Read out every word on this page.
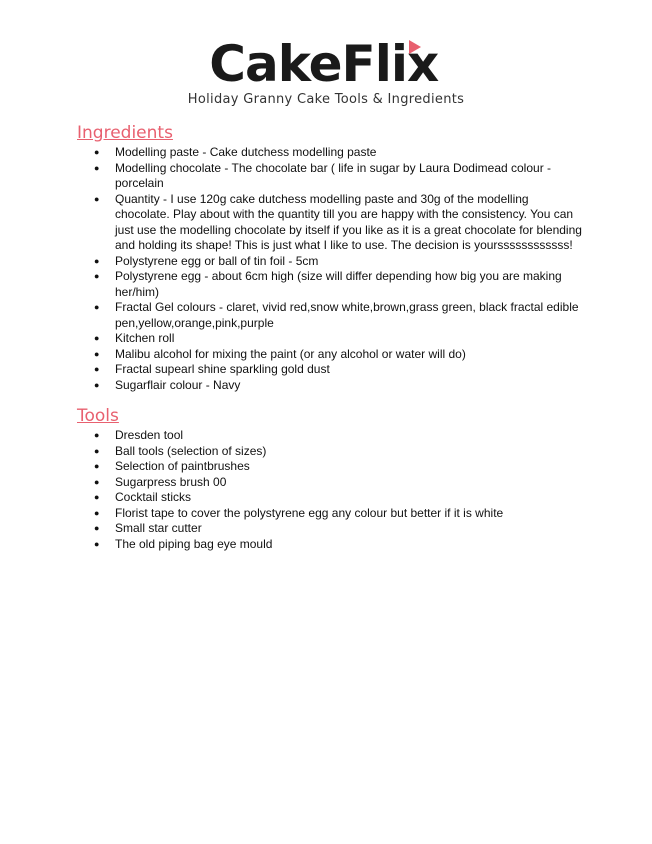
CakeFlix
Holiday Granny Cake Tools & Ingredients
Ingredients
● Modelling paste - Cake dutchess modelling paste
● Modelling chocolate - The chocolate bar ( life in sugar by Laura Dodimead colour - porcelain
● Quantity - I use 120g cake dutchess modelling paste and 30g of the modelling chocolate. Play about with the quantity till you are happy with the consistency. You can just use the modelling chocolate by itself if you like as it is a great chocolate for blending and holding its shape! This is just what I like to use. The decision is yourssssssssssss!
● Polystyrene egg or ball of tin foil - 5cm
● Polystyrene egg - about 6cm high (size will differ depending how big you are making her/him)
● Fractal Gel colours - claret, vivid red,snow white,brown,grass green, black fractal edible pen,yellow,orange,pink,purple
● Kitchen roll
● Malibu alcohol for mixing the paint (or any alcohol or water will do)
● Fractal supearl shine sparkling gold dust
● Sugarflair colour - Navy
Tools
● Dresden tool
● Ball tools (selection of sizes)
● Selection of paintbrushes
● Sugarpress brush 00
● Cocktail sticks
● Florist tape to cover the polystyrene egg any colour but better if it is white
● Small star cutter
● The old piping bag eye mould
